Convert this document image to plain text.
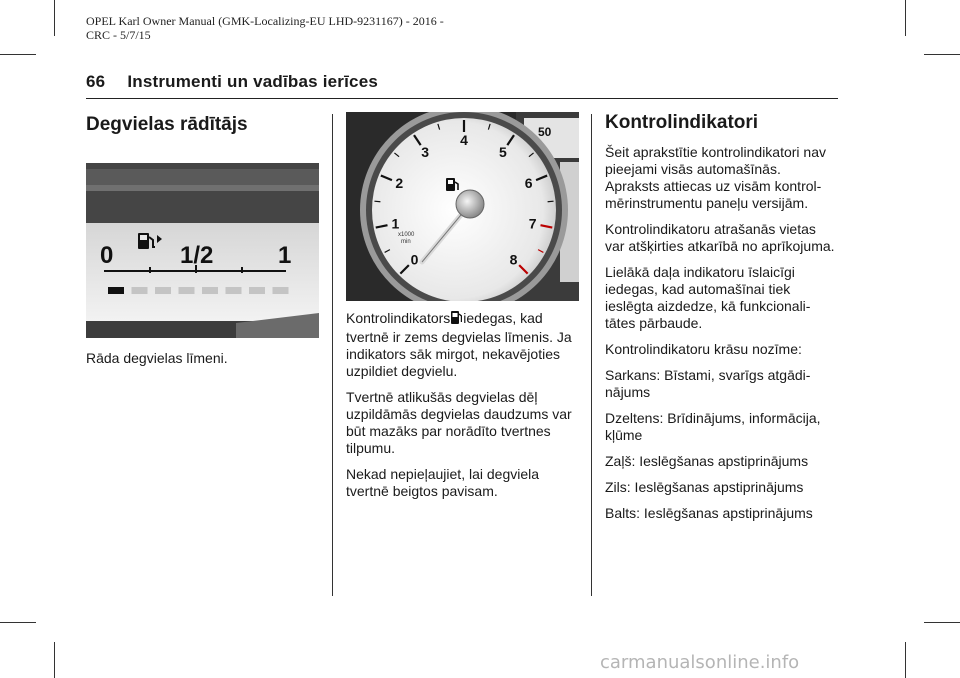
OPEL Karl Owner Manual (GMK-Localizing-EU LHD-9231167) - 2016 -
CRC - 5/7/15
66 Instrumenti un vadības ierīces
Degvielas rādītājs
0	1/2	1

Rāda degvielas līmeni.

50
0
1
2
3
4
5
6
7
8
x1000
min

Kontrolindikators iedegas, kad tvertnē ir zems degvielas līmenis. Ja indikators sāk mirgot, nekavējoties uzpildiet degvielu.

Tvertnē atlikušās degvielas dēļ uzpildāmās degvielas daudzums var būt mazāks par norādīto tvertnes tilpumu.

Nekad nepieļaujiet, lai degviela tvertnē beigtos pavisam.

Kontrolindikatori

Šeit aprakstītie kontrolindikatori nav pieejami visās automašīnās. Apraksts attiecas uz visām kontrol-mērinstrumentu paneļu versijām.

Kontrolindikatoru atrašanās vietas var atšķirties atkarībā no aprīkojuma.

Lielākā daļa indikatoru īslaicīgi iedegas, kad automašīnai tiek ieslēgta aizdedze, kā funkcionali-tātes pārbaude.

Kontrolindikatoru krāsu nozīme:

Sarkans: Bīstami, svarīgs atgādi-nājums

Dzeltens: Brīdinājums, informācija, kļūme

Zaļš: Ieslēgšanas apstiprinājums

Zils: Ieslēgšanas apstiprinājums

Balts: Ieslēgšanas apstiprinājums

carmanualsonline.info
